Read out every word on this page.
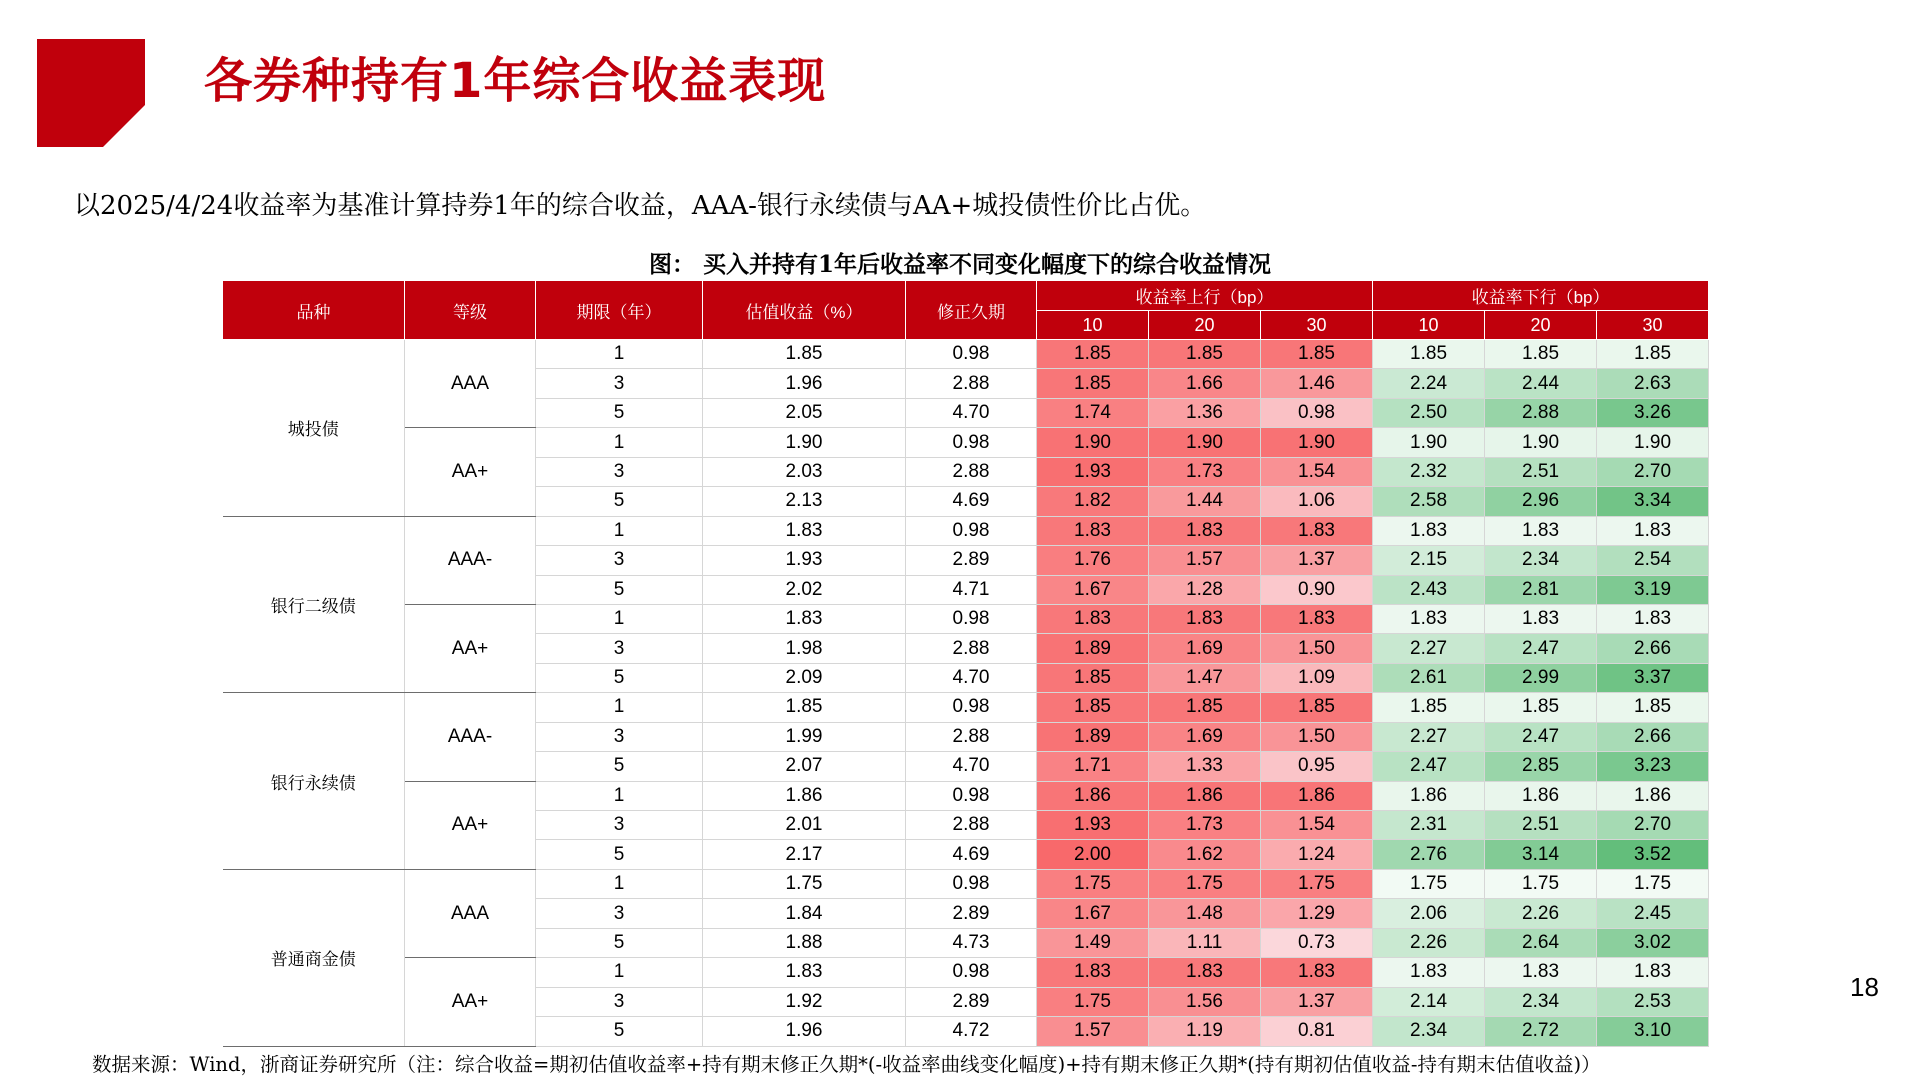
各券种持有1年综合收益表现
以2025/4/24收益率为基准计算持券1年的综合收益，AAA-银行永续债与AA+城投债性价比占优。
图： 买入并持有1年后收益率不同变化幅度下的综合收益情况
品种	等级	期限（年）	估值收益（%）	修正久期	收益率上行（bp）			收益率下行（bp）		
					10	20	30	10	20	30
城投债	AAA	1	1.85	0.98	1.85	1.85	1.85	1.85	1.85	1.85
		3	1.96	2.88	1.85	1.66	1.46	2.24	2.44	2.63
		5	2.05	4.70	1.74	1.36	0.98	2.50	2.88	3.26
	AA+	1	1.90	0.98	1.90	1.90	1.90	1.90	1.90	1.90
		3	2.03	2.88	1.93	1.73	1.54	2.32	2.51	2.70
		5	2.13	4.69	1.82	1.44	1.06	2.58	2.96	3.34
银行二级债	AAA-	1	1.83	0.98	1.83	1.83	1.83	1.83	1.83	1.83
		3	1.93	2.89	1.76	1.57	1.37	2.15	2.34	2.54
		5	2.02	4.71	1.67	1.28	0.90	2.43	2.81	3.19
	AA+	1	1.83	0.98	1.83	1.83	1.83	1.83	1.83	1.83
		3	1.98	2.88	1.89	1.69	1.50	2.27	2.47	2.66
		5	2.09	4.70	1.85	1.47	1.09	2.61	2.99	3.37
银行永续债	AAA-	1	1.85	0.98	1.85	1.85	1.85	1.85	1.85	1.85
		3	1.99	2.88	1.89	1.69	1.50	2.27	2.47	2.66
		5	2.07	4.70	1.71	1.33	0.95	2.47	2.85	3.23
	AA+	1	1.86	0.98	1.86	1.86	1.86	1.86	1.86	1.86
		3	2.01	2.88	1.93	1.73	1.54	2.31	2.51	2.70
		5	2.17	4.69	2.00	1.62	1.24	2.76	3.14	3.52
普通商金债	AAA	1	1.75	0.98	1.75	1.75	1.75	1.75	1.75	1.75
		3	1.84	2.89	1.67	1.48	1.29	2.06	2.26	2.45
		5	1.88	4.73	1.49	1.11	0.73	2.26	2.64	3.02
	AA+	1	1.83	0.98	1.83	1.83	1.83	1.83	1.83	1.83
		3	1.92	2.89	1.75	1.56	1.37	2.14	2.34	2.53
		5	1.96	4.72	1.57	1.19	0.81	2.34	2.72	3.10
18
数据来源：Wind，浙商证券研究所（注：综合收益=期初估值收益率+持有期末修正久期*(-收益率曲线变化幅度)+持有期末修正久期*(持有期初估值收益-持有期末估值收益)）
